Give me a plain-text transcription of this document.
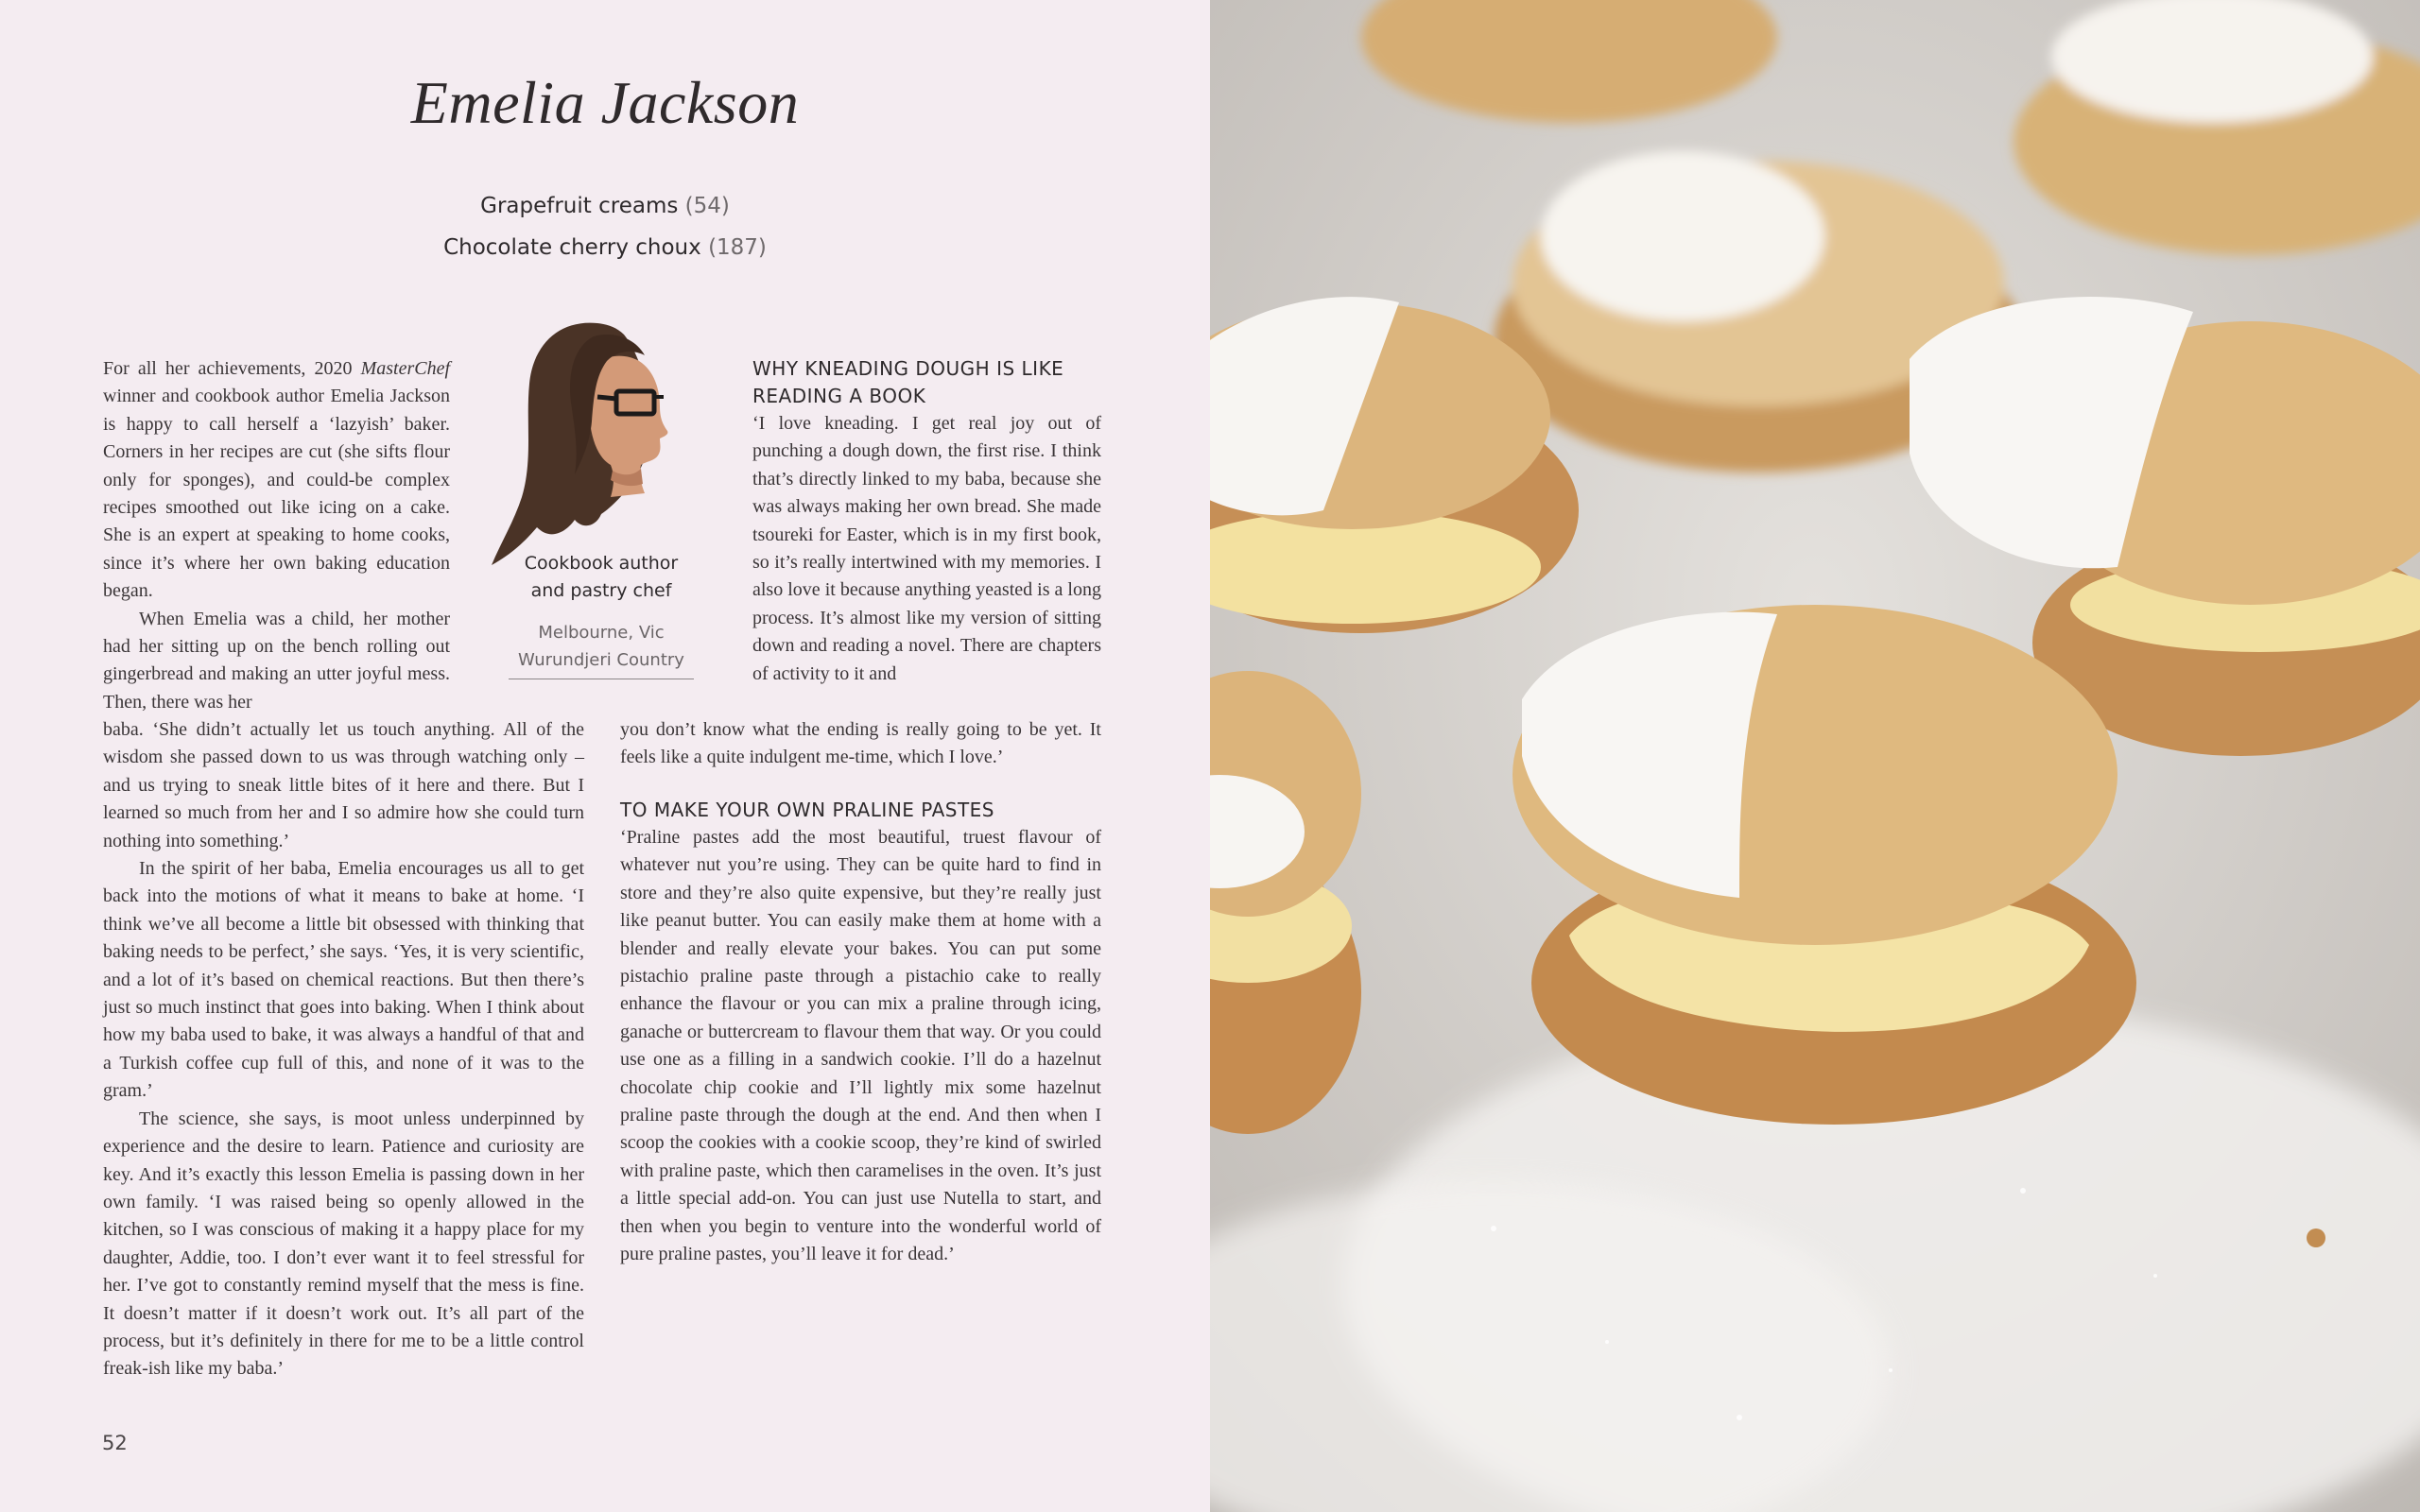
Emelia Jackson
Grapefruit creams (54)
Chocolate cherry choux (187)

For all her achievements, 2020 MasterChef winner and cookbook author Emelia Jackson is happy to call herself a ‘lazyish’ baker. Corners in her recipes are cut (she sifts flour only for sponges), and could-be complex recipes smoothed out like icing on a cake. She is an expert at speaking to home cooks, since it’s where her own baking education began.

When Emelia was a child, her mother had her sitting up on the bench rolling out gingerbread and making an utter joyful mess. Then, there was her

Cookbook author
and pastry chef
Melbourne, Vic
Wurundjeri Country
WHY KNEADING DOUGH IS LIKE READING A BOOK

‘I love kneading. I get real joy out of punching a dough down, the first rise. I think that’s directly linked to my baba, because she was always making her own bread. She made tsoureki for Easter, which is in my first book, so it’s really intertwined with my memories. I also love it because anything yeasted is a long process. It’s almost like my version of sitting down and reading a novel. There are chapters of activity to it and

you don’t know what the ending is really going to be yet. It feels like a quite indulgent me-time, which I love.’

TO MAKE YOUR OWN PRALINE PASTES

‘Praline pastes add the most beautiful, truest flavour of whatever nut you’re using. They can be quite hard to find in store and they’re also quite expensive, but they’re really just like peanut butter. You can easily make them at home with a blender and really elevate your bakes. You can put some pistachio praline paste through a pistachio cake to really enhance the flavour or you can mix a praline through icing, ganache or buttercream to flavour them that way. Or you could use one as a filling in a sandwich cookie. I’ll do a hazelnut chocolate chip cookie and I’ll lightly mix some hazelnut praline paste through the dough at the end. And then when I scoop the cookies with a cookie scoop, they’re kind of swirled with praline paste, which then caramelises in the oven. It’s just a little special add-on. You can just use Nutella to start, and then when you begin to venture into the wonderful world of pure praline pastes, you’ll leave it for dead.’

baba. ‘She didn’t actually let us touch anything. All of the wisdom she passed down to us was through watching only – and us trying to sneak little bites of it here and there. But I learned so much from her and I so admire how she could turn nothing into something.’

In the spirit of her baba, Emelia encourages us all to get back into the motions of what it means to bake at home. ‘I think we’ve all become a little bit obsessed with thinking that baking needs to be perfect,’ she says. ‘Yes, it is very scientific, and a lot of it’s based on chemical reactions. But then there’s just so much instinct that goes into baking. When I think about how my baba used to bake, it was always a handful of that and a Turkish coffee cup full of this, and none of it was to the gram.’

The science, she says, is moot unless underpinned by experience and the desire to learn. Patience and curiosity are key. And it’s exactly this lesson Emelia is passing down in her own family. ‘I was raised being so openly allowed in the kitchen, so I was conscious of making it a happy place for my daughter, Addie, too. I don’t ever want it to feel stressful for her. I’ve got to constantly remind myself that the mess is fine. It doesn’t matter if it doesn’t work out. It’s all part of the process, but it’s definitely in there for me to be a little control freak-ish like my baba.’

52
